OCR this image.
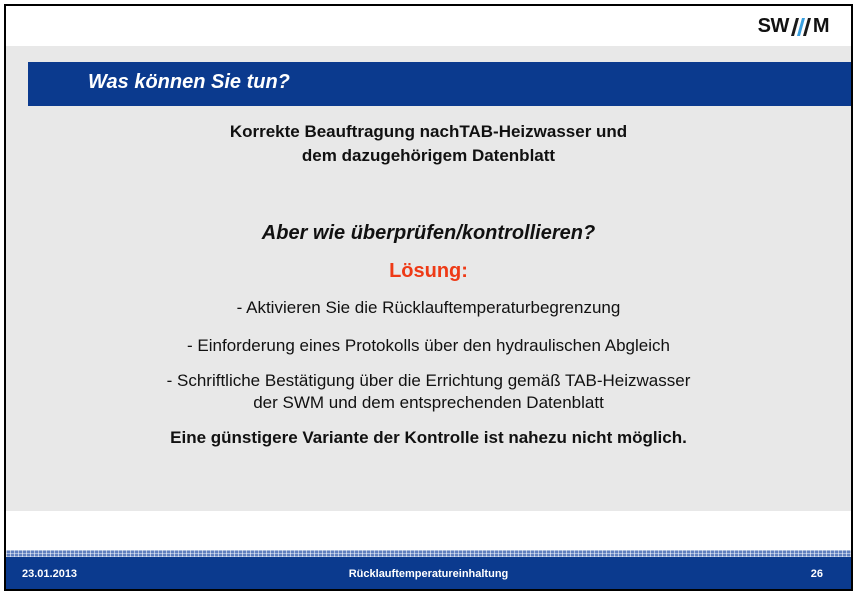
SW M
Was können Sie tun?
Korrekte Beauftragung nachTAB-Heizwasser und
dem dazugehörigem Datenblatt
Aber wie überprüfen/kontrollieren?
Lösung:
- Aktivieren Sie die Rücklauftemperaturbegrenzung
- Einforderung eines Protokolls über den hydraulischen Abgleich
- Schriftliche Bestätigung über die Errichtung gemäß TAB-Heizwasser
der SWM und dem entsprechenden Datenblatt
Eine günstigere Variante der Kontrolle ist nahezu nicht möglich.
23.01.2013	Rücklauftemperatureinhaltung	26
